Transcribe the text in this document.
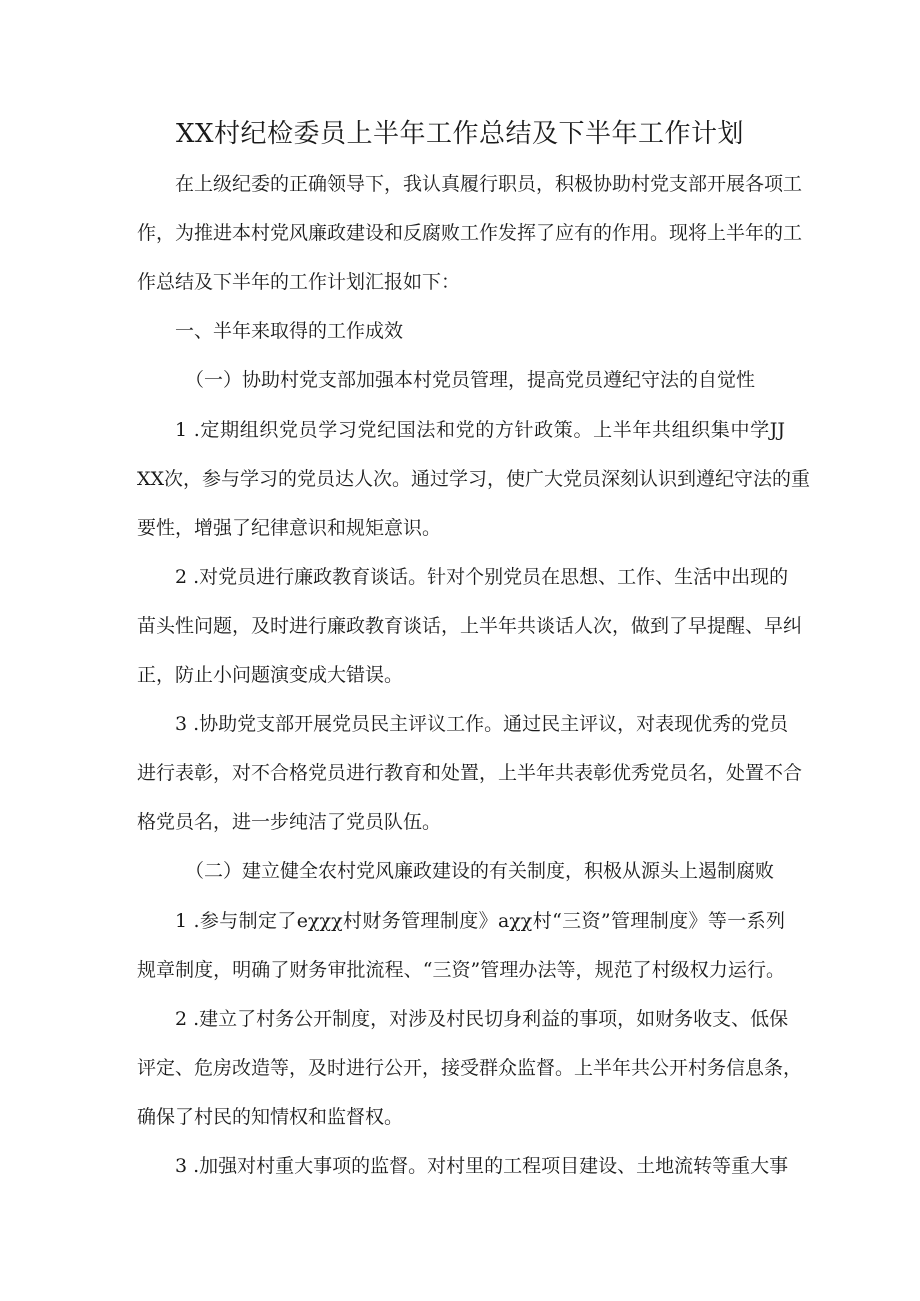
XX村纪检委员上半年工作总结及下半年工作计划
在上级纪委的正确领导下，我认真履行职员，积极协助村党支部开展各项工
作，为推进本村党风廉政建设和反腐败工作发挥了应有的作用。现将上半年的工
作总结及下半年的工作计划汇报如下：
一、半年来取得的工作成效
（一）协助村党支部加强本村党员管理，提高党员遵纪守法的自觉性
1 .定期组织党员学习党纪国法和党的方针政策。上半年共组织集中学JJ
XX次，参与学习的党员达人次。通过学习，使广大党员深刻认识到遵纪守法的重
要性，增强了纪律意识和规矩意识。
2 .对党员进行廉政教育谈话。针对个别党员在思想、工作、生活中出现的
苗头性问题，及时进行廉政教育谈话，上半年共谈话人次，做到了早提醒、早纠
正，防止小问题演变成大错误。
3 .协助党支部开展党员民主评议工作。通过民主评议，对表现优秀的党员
进行表彰，对不合格党员进行教育和处置，上半年共表彰优秀党员名，处置不合
格党员名，进一步纯洁了党员队伍。
（二）建立健全农村党风廉政建设的有关制度，积极从源头上遏制腐败
1 .参与制定了eχχχ村财务管理制度》aχχ村“三资”管理制度》等一系列
规章制度，明确了财务审批流程、“三资”管理办法等，规范了村级权力运行。
2 .建立了村务公开制度，对涉及村民切身利益的事项，如财务收支、低保
评定、危房改造等，及时进行公开，接受群众监督。上半年共公开村务信息条，
确保了村民的知情权和监督权。
3 .加强对村重大事项的监督。对村里的工程项目建设、土地流转等重大事
